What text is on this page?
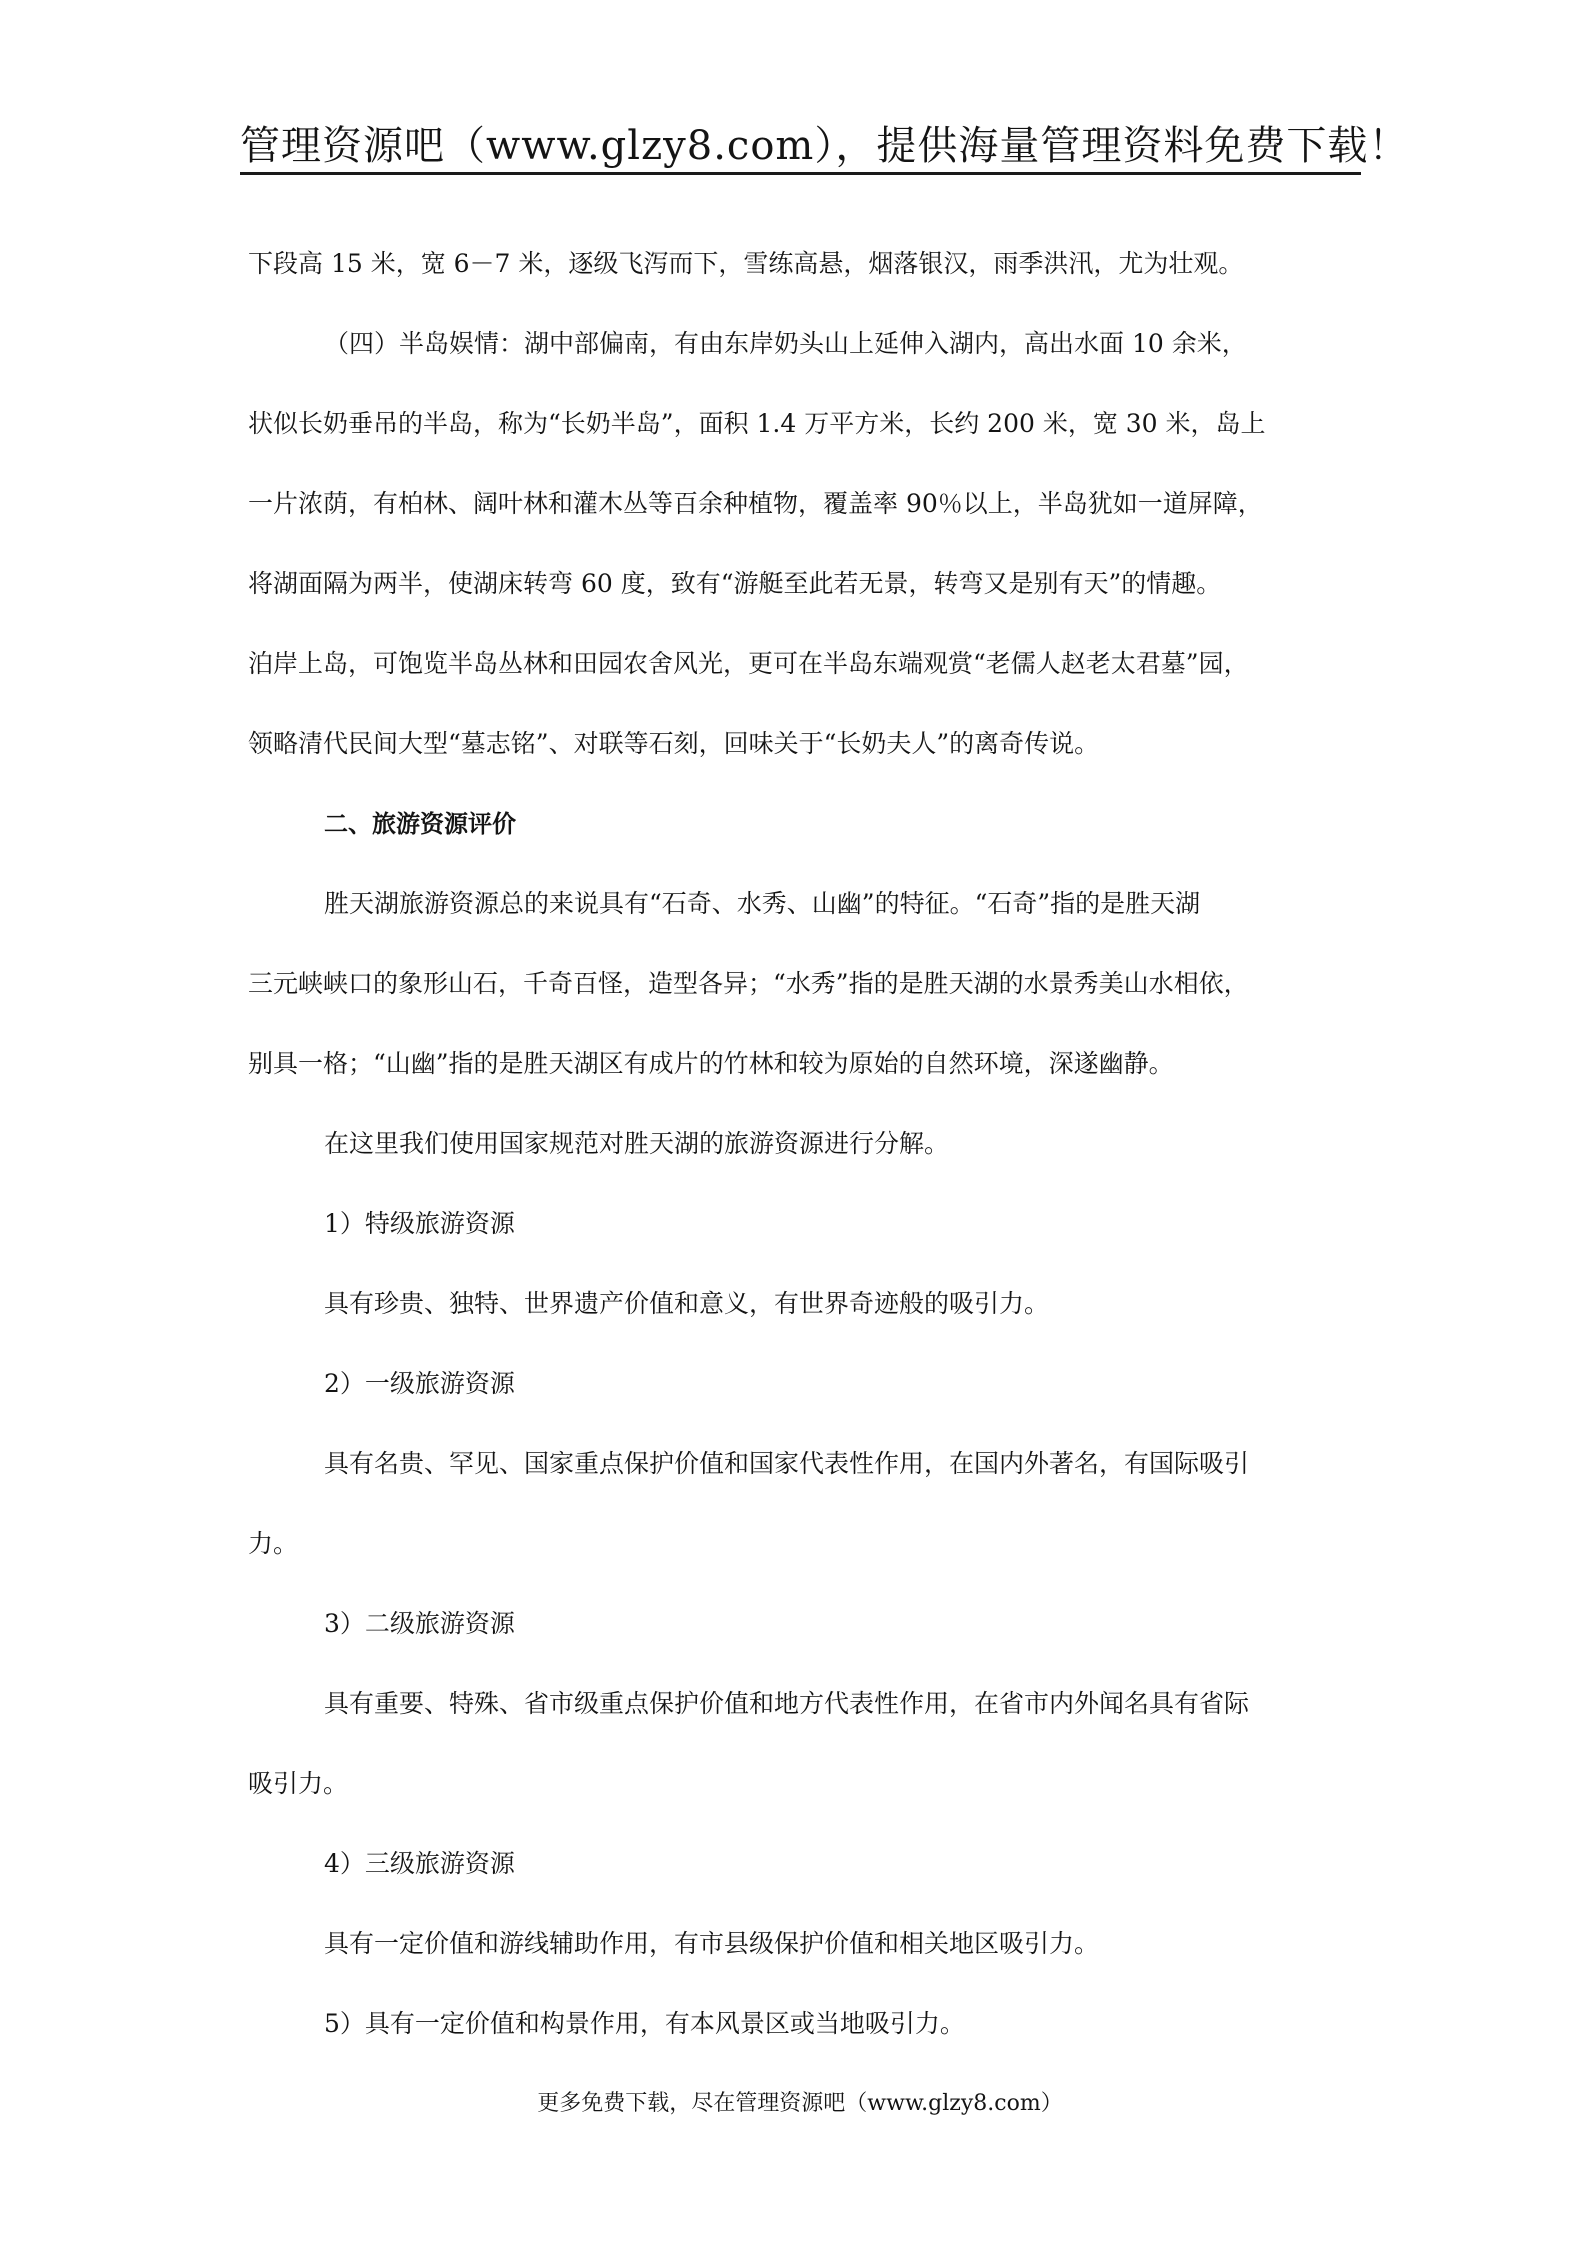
管理资源吧（www.glzy8.com），提供海量管理资料免费下载！

下段高 15 米，宽 6－7 米，逐级飞泻而下，雪练高悬，烟落银汉，雨季洪汛，尤为壮观。

（四）半岛娱情：湖中部偏南，有由东岸奶头山上延伸入湖内，高出水面 10 余米，

状似长奶垂吊的半岛，称为“长奶半岛”，面积 1.4 万平方米，长约 200 米，宽 30 米，岛上

一片浓荫，有柏林、阔叶林和灌木丛等百余种植物，覆盖率 90％以上，半岛犹如一道屏障，

将湖面隔为两半，使湖床转弯 60 度，致有“游艇至此若无景，转弯又是别有天”的情趣。

泊岸上岛，可饱览半岛丛林和田园农舍风光，更可在半岛东端观赏“老儒人赵老太君墓”园，

领略清代民间大型“墓志铭”、对联等石刻，回味关于“长奶夫人”的离奇传说。

二、旅游资源评价

胜天湖旅游资源总的来说具有“石奇、水秀、山幽”的特征。“石奇”指的是胜天湖

三元峡峡口的象形山石，千奇百怪，造型各异；“水秀”指的是胜天湖的水景秀美山水相依，

别具一格；“山幽”指的是胜天湖区有成片的竹林和较为原始的自然环境，深遂幽静。

在这里我们使用国家规范对胜天湖的旅游资源进行分解。

1）特级旅游资源

具有珍贵、独特、世界遗产价值和意义，有世界奇迹般的吸引力。

2）一级旅游资源

具有名贵、罕见、国家重点保护价值和国家代表性作用，在国内外著名，有国际吸引

力。

3）二级旅游资源

具有重要、特殊、省市级重点保护价值和地方代表性作用，在省市内外闻名具有省际

吸引力。

4）三级旅游资源

具有一定价值和游线辅助作用，有市县级保护价值和相关地区吸引力。

5）具有一定价值和构景作用，有本风景区或当地吸引力。

更多免费下载，尽在管理资源吧（www.glzy8.com）
